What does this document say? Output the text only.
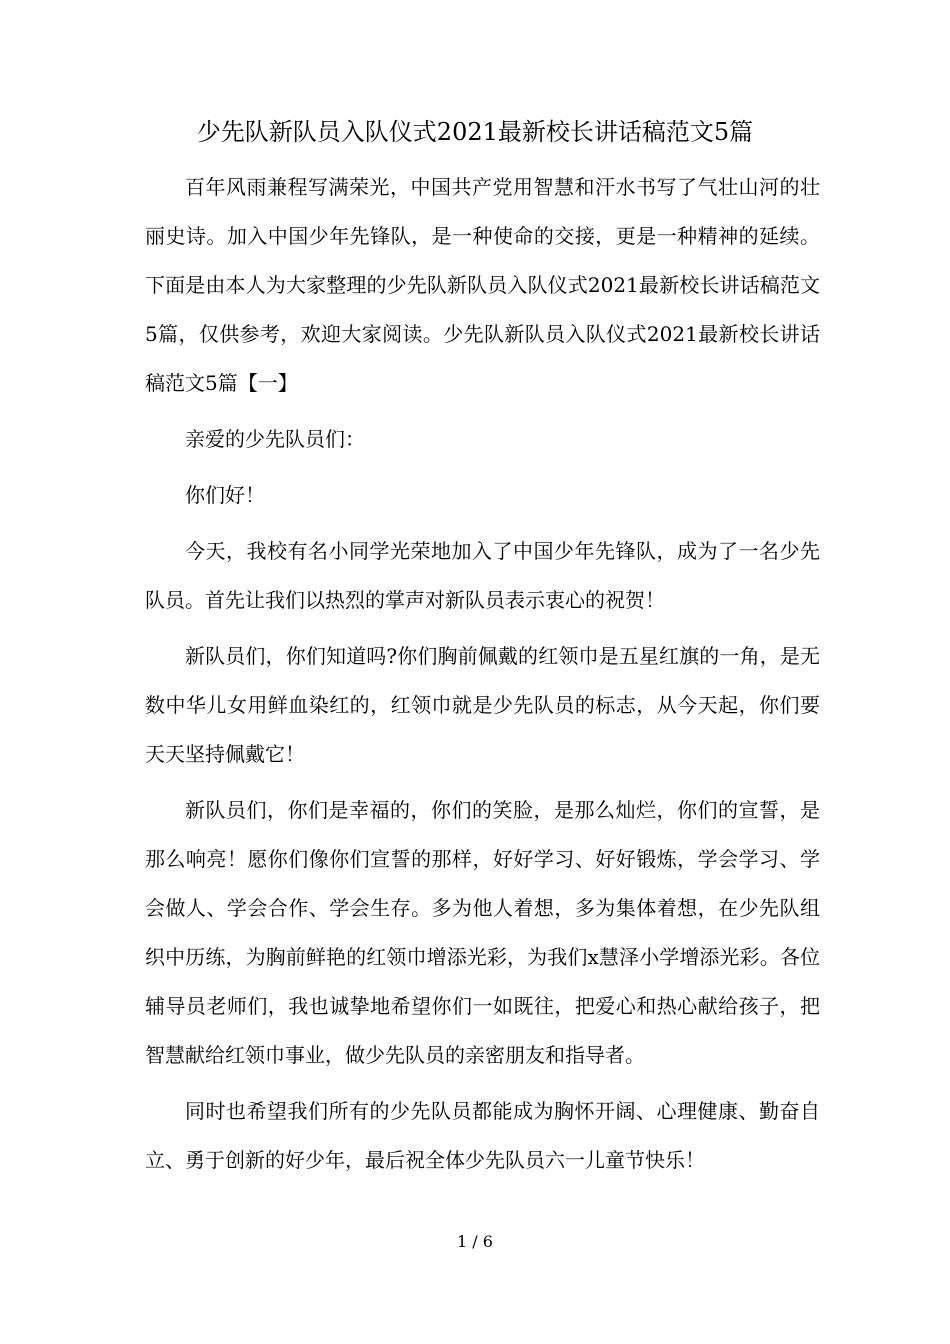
少先队新队员入队仪式2021最新校长讲话稿范文5篇

百年风雨兼程写满荣光，中国共产党用智慧和汗水书写了气壮山河的壮丽史诗。加入中国少年先锋队，是一种使命的交接，更是一种精神的延续。下面是由本人为大家整理的少先队新队员入队仪式2021最新校长讲话稿范文5篇，仅供参考，欢迎大家阅读。少先队新队员入队仪式2021最新校长讲话稿范文5篇【一】

亲爱的少先队员们：

你们好！

今天，我校有名小同学光荣地加入了中国少年先锋队，成为了一名少先队员。首先让我们以热烈的掌声对新队员表示衷心的祝贺！

新队员们，你们知道吗?你们胸前佩戴的红领巾是五星红旗的一角，是无数中华儿女用鲜血染红的，红领巾就是少先队员的标志，从今天起，你们要天天坚持佩戴它！

新队员们，你们是幸福的，你们的笑脸，是那么灿烂，你们的宣誓，是那么响亮！愿你们像你们宣誓的那样，好好学习、好好锻炼，学会学习、学会做人、学会合作、学会生存。多为他人着想，多为集体着想，在少先队组织中历练，为胸前鲜艳的红领巾增添光彩，为我们x慧泽小学增添光彩。各位辅导员老师们，我也诚挚地希望你们一如既往，把爱心和热心献给孩子，把智慧献给红领巾事业，做少先队员的亲密朋友和指导者。

同时也希望我们所有的少先队员都能成为胸怀开阔、心理健康、勤奋自立、勇于创新的好少年，最后祝全体少先队员六一儿童节快乐！

1 / 6
